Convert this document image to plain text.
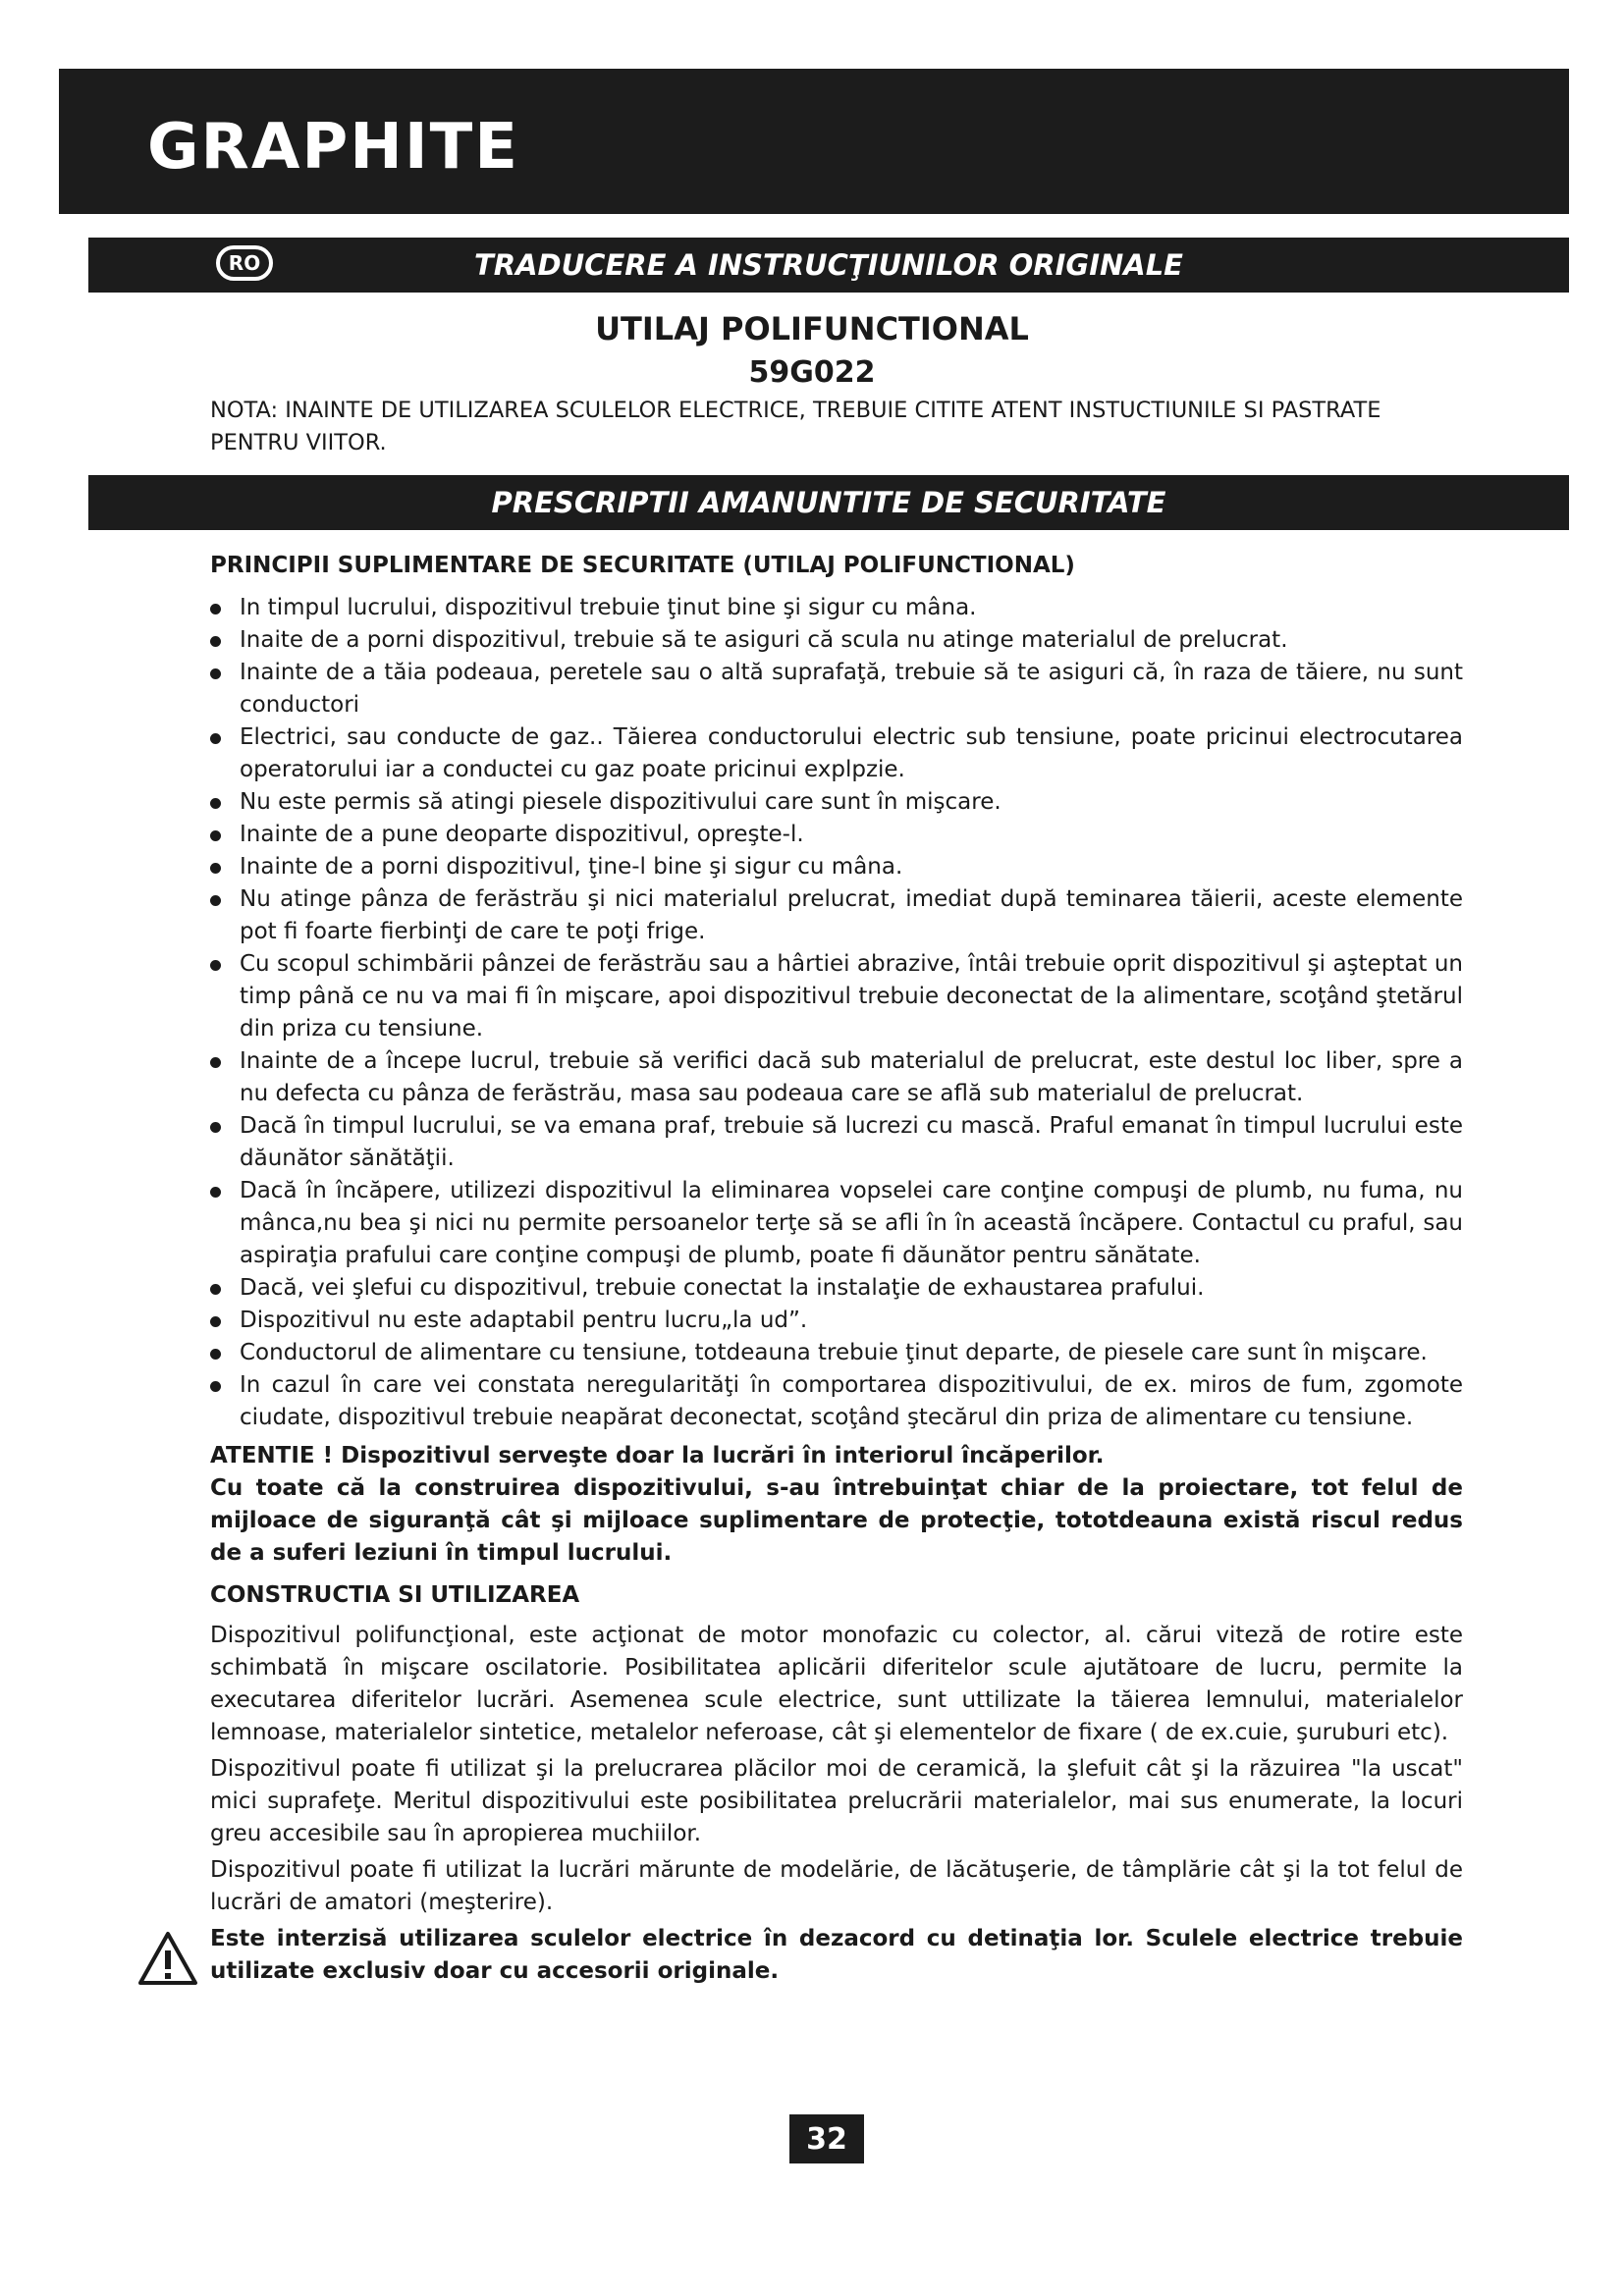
GRAPHITE
RO	TRADUCERE A INSTRUCŢIUNILOR ORIGINALE
UTILAJ POLIFUNCTIONAL
59G022
NOTA: INAINTE DE UTILIZAREA SCULELOR ELECTRICE, TREBUIE CITITE ATENT INSTUCTIUNILE SI PASTRATE PENTRU VIITOR.
PRESCRIPTII AMANUNTITE DE SECURITATE
PRINCIPII SUPLIMENTARE DE SECURITATE (UTILAJ POLIFUNCTIONAL)
In timpul lucrului, dispozitivul trebuie ţinut bine şi sigur cu mâna.
Inaite de a porni dispozitivul, trebuie să te asiguri că scula nu atinge materialul de prelucrat.
Inainte de a tăia podeaua, peretele sau o altă suprafaţă, trebuie să te asiguri că, în raza de tăiere, nu sunt conductori
Electrici, sau conducte de gaz.. Tăierea conductorului electric sub tensiune, poate pricinui electrocutarea operatorului iar a conductei cu gaz poate pricinui explpzie.
Nu este permis să atingi piesele dispozitivului care sunt în mişcare.
Inainte de a pune deoparte dispozitivul, opreşte-l.
Inainte de a porni dispozitivul, ţine-l bine şi sigur cu mâna.
Nu atinge pânza de ferăstrău şi nici materialul prelucrat, imediat după teminarea tăierii, aceste elemente pot fi foarte fierbinţi de care te poţi frige.
Cu scopul schimbării pânzei de ferăstrău sau a hârtiei abrazive, întâi trebuie oprit dispozitivul şi aşteptat un timp până ce nu va mai fi în mişcare, apoi dispozitivul trebuie deconectat de la alimentare, scoţând ştetărul din priza cu tensiune.
Inainte de a începe lucrul, trebuie să verifici dacă sub materialul de prelucrat, este destul loc liber, spre a nu defecta cu pânza de ferăstrău, masa sau podeaua care se află sub materialul de prelucrat.
Dacă în timpul lucrului, se va emana praf, trebuie să lucrezi cu mască. Praful emanat în timpul lucrului este dăunător sănătăţii.
Dacă în încăpere, utilizezi dispozitivul la eliminarea vopselei care conţine compuşi de plumb, nu fuma, nu mânca,nu bea şi nici nu permite persoanelor terţe să se afli în în această încăpere. Contactul cu praful, sau aspiraţia prafului care conţine compuşi de plumb, poate fi dăunător pentru sănătate.
Dacă, vei şlefui cu dispozitivul, trebuie conectat la instalaţie de exhaustarea prafului.
Dispozitivul nu este adaptabil pentru lucru„la ud”.
Conductorul de alimentare cu tensiune, totdeauna trebuie ţinut departe, de piesele care sunt în mişcare.
In cazul în care vei constata neregularităţi în comportarea dispozitivului, de ex. miros de fum, zgomote ciudate, dispozitivul trebuie neapărat deconectat, scoţând ştecărul din priza de alimentare cu tensiune.
ATENTIE ! Dispozitivul serveşte doar la lucrări în interiorul încăperilor.
Cu toate că la construirea dispozitivului, s-au întrebuinţat chiar de la proiectare, tot felul de mijloace de siguranţă cât şi mijloace suplimentare de protecţie, tototdeauna există riscul redus de a suferi leziuni în timpul lucrului.
CONSTRUCTIA SI UTILIZAREA

Dispozitivul polifuncţional, este acţionat de motor monofazic cu colector, al. cărui viteză de rotire este schimbată în mişcare oscilatorie. Posibilitatea aplicării diferitelor scule ajutătoare de lucru, permite la executarea diferitelor lucrări. Asemenea scule electrice, sunt uttilizate la tăierea lemnului, materialelor lemnoase, materialelor sintetice, metalelor neferoase, cât şi elementelor de fixare ( de ex.cuie, şuruburi etc).

Dispozitivul poate fi utilizat şi la prelucrarea plăcilor moi de ceramică, la şlefuit cât şi la răzuirea "la uscat" mici suprafeţe. Meritul dispozitivului este posibilitatea prelucrării materialelor, mai sus enumerate, la locuri greu accesibile sau în apropierea muchiilor.

Dispozitivul poate fi utilizat la lucrări mărunte de modelărie, de lăcătuşerie, de tâmplărie cât şi la tot felul de lucrări de amatori (meşterire).

Este interzisă utilizarea sculelor electrice în dezacord cu detinaţia lor. Sculele electrice trebuie utilizate exclusiv doar cu accesorii originale.
32
